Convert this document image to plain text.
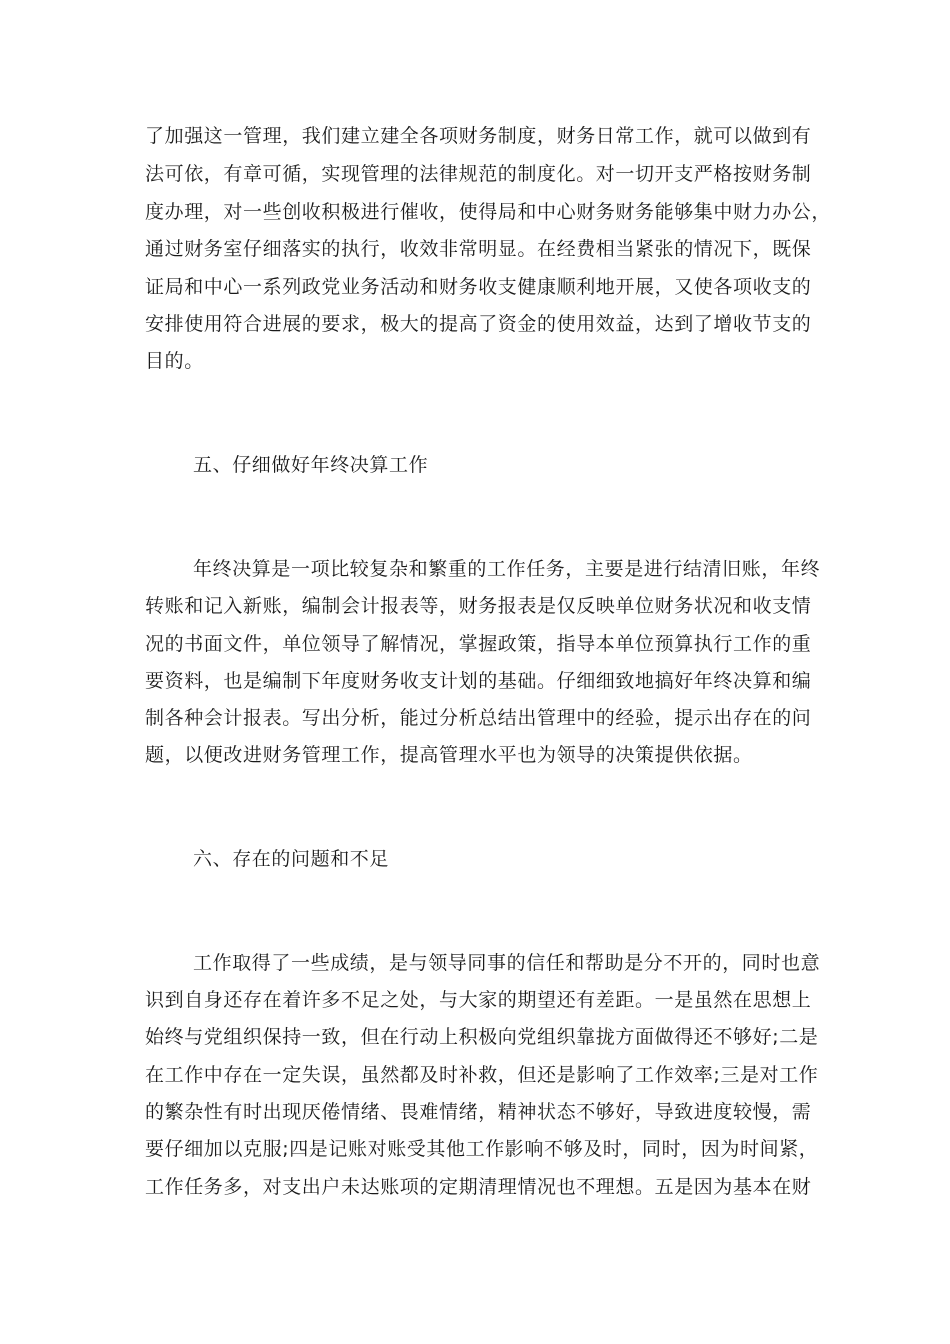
了加强这一管理，我们建立建全各项财务制度，财务日常工作，就可以做到有
法可依，有章可循，实现管理的法律规范的制度化。对一切开支严格按财务制
度办理，对一些创收积极进行催收，使得局和中心财务财务能够集中财力办公，
通过财务室仔细落实的执行，收效非常明显。在经费相当紧张的情况下，既保
证局和中心一系列政党业务活动和财务收支健康顺利地开展，又使各项收支的
安排使用符合进展的要求，极大的提高了资金的使用效益，达到了增收节支的
目的。
五、仔细做好年终决算工作
年终决算是一项比较复杂和繁重的工作任务，主要是进行结清旧账，年终
转账和记入新账，编制会计报表等，财务报表是仅反映单位财务状况和收支情
况的书面文件，单位领导了解情况，掌握政策，指导本单位预算执行工作的重
要资料，也是编制下年度财务收支计划的基础。仔细细致地搞好年终决算和编
制各种会计报表。写出分析，能过分析总结出管理中的经验，提示出存在的问
题，以便改进财务管理工作，提高管理水平也为领导的决策提供依据。
六、存在的问题和不足
工作取得了一些成绩，是与领导同事的信任和帮助是分不开的，同时也意
识到自身还存在着许多不足之处，与大家的期望还有差距。一是虽然在思想上
始终与党组织保持一致，但在行动上积极向党组织靠拢方面做得还不够好;二是
在工作中存在一定失误，虽然都及时补救，但还是影响了工作效率;三是对工作
的繁杂性有时出现厌倦情绪、畏难情绪，精神状态不够好，导致进度较慢，需
要仔细加以克服;四是记账对账受其他工作影响不够及时，同时，因为时间紧，
工作任务多，对支出户未达账项的定期清理情况也不理想。五是因为基本在财
